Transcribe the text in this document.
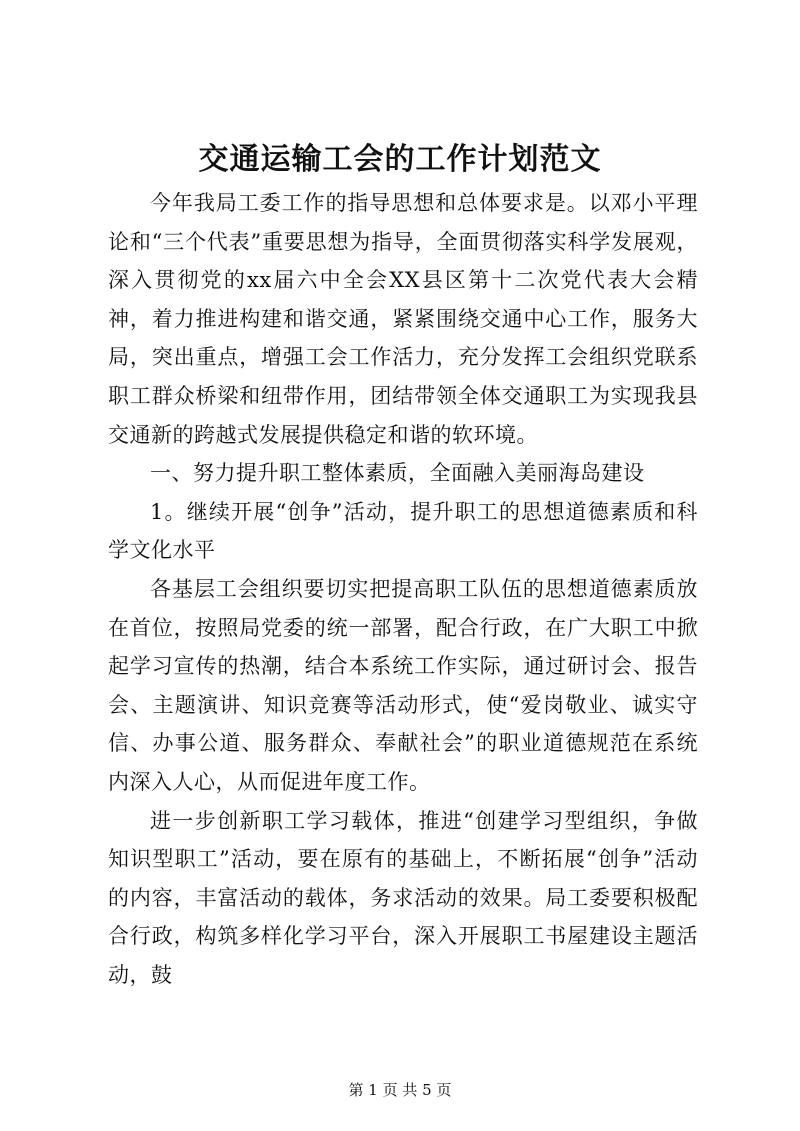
交通运输工会的工作计划范文

今年我局工委工作的指导思想和总体要求是。以邓小平理论和“三个代表”重要思想为指导，全面贯彻落实科学发展观，深入贯彻党的xx届六中全会XX县区第十二次党代表大会精神，着力推进构建和谐交通，紧紧围绕交通中心工作，服务大局，突出重点，增强工会工作活力，充分发挥工会组织党联系职工群众桥梁和纽带作用，团结带领全体交通职工为实现我县交通新的跨越式发展提供稳定和谐的软环境。

一、努力提升职工整体素质，全面融入美丽海岛建设

1。继续开展“创争”活动，提升职工的思想道德素质和科学文化水平

各基层工会组织要切实把提高职工队伍的思想道德素质放在首位，按照局党委的统一部署，配合行政，在广大职工中掀起学习宣传的热潮，结合本系统工作实际，通过研讨会、报告会、主题演讲、知识竞赛等活动形式，使“爱岗敬业、诚实守信、办事公道、服务群众、奉献社会”的职业道德规范在系统内深入人心，从而促进年度工作。

进一步创新职工学习载体，推进“创建学习型组织，争做知识型职工”活动，要在原有的基础上，不断拓展“创争”活动的内容，丰富活动的载体，务求活动的效果。局工委要积极配合行政，构筑多样化学习平台，深入开展职工书屋建设主题活动，鼓

第 1 页 共 5 页
